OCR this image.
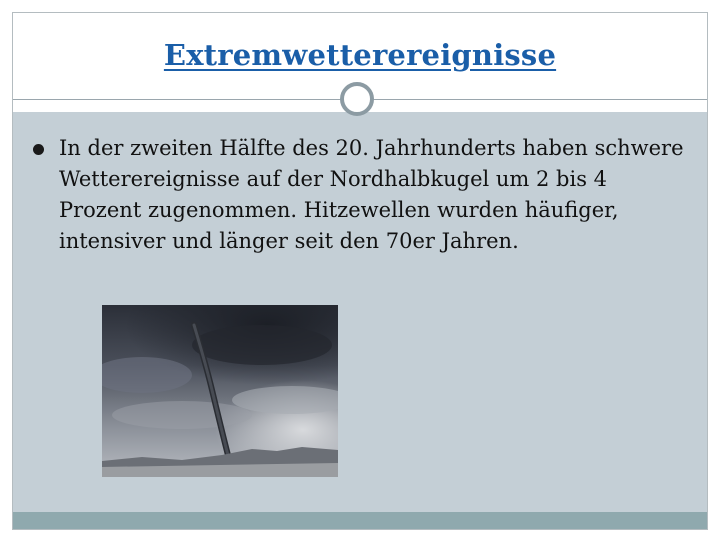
Extremwetterereignisse
In der zweiten Hälfte des 20. Jahrhunderts haben schwere Wetterereignisse auf der Nordhalbkugel um 2 bis 4 Prozent zugenommen. Hitzewellen wurden häufiger, intensiver und länger seit den 70er Jahren.
